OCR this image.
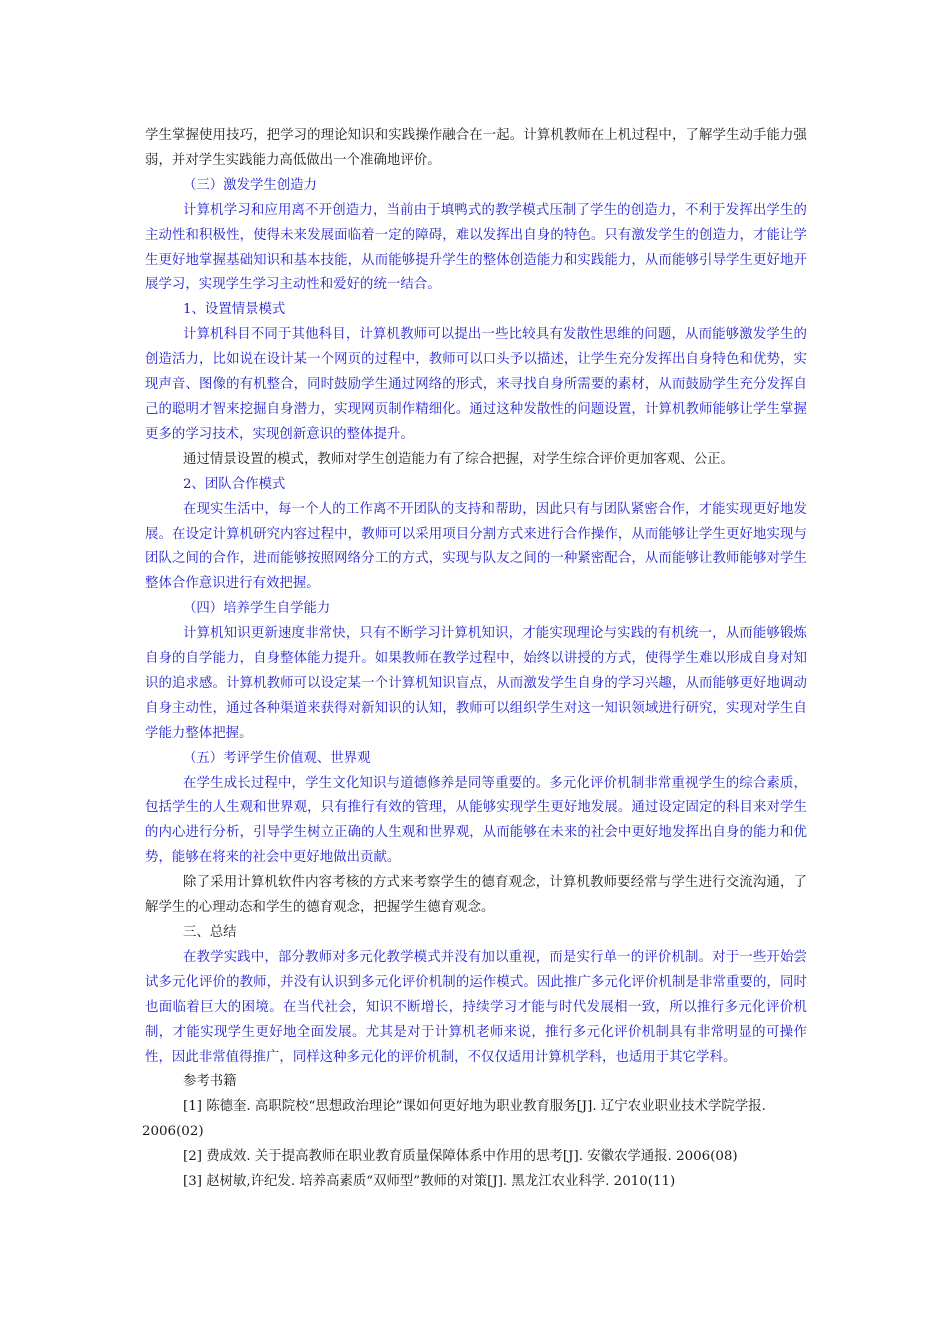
学生掌握使用技巧，把学习的理论知识和实践操作融合在一起。计算机教师在上机过程中，了解学生动手能力强弱，并对学生实践能力高低做出一个准确地评价。

（三）激发学生创造力

计算机学习和应用离不开创造力，当前由于填鸭式的教学模式压制了学生的创造力，不利于发挥出学生的主动性和积极性，使得未来发展面临着一定的障碍，难以发挥出自身的特色。只有激发学生的创造力，才能让学生更好地掌握基础知识和基本技能，从而能够提升学生的整体创造能力和实践能力，从而能够引导学生更好地开展学习，实现学生学习主动性和爱好的统一结合。

1、设置情景模式

计算机科目不同于其他科目，计算机教师可以提出一些比较具有发散性思维的问题，从而能够激发学生的创造活力，比如说在设计某一个网页的过程中，教师可以口头予以描述，让学生充分发挥出自身特色和优势，实现声音、图像的有机整合，同时鼓励学生通过网络的形式，来寻找自身所需要的素材，从而鼓励学生充分发挥自己的聪明才智来挖掘自身潜力，实现网页制作精细化。通过这种发散性的问题设置，计算机教师能够让学生掌握更多的学习技术，实现创新意识的整体提升。

通过情景设置的模式，教师对学生创造能力有了综合把握，对学生综合评价更加客观、公正。

2、团队合作模式

在现实生活中，每一个人的工作离不开团队的支持和帮助，因此只有与团队紧密合作，才能实现更好地发展。在设定计算机研究内容过程中，教师可以采用项目分割方式来进行合作操作，从而能够让学生更好地实现与团队之间的合作，进而能够按照网络分工的方式，实现与队友之间的一种紧密配合，从而能够让教师能够对学生整体合作意识进行有效把握。

（四）培养学生自学能力

计算机知识更新速度非常快，只有不断学习计算机知识，才能实现理论与实践的有机统一，从而能够锻炼自身的自学能力，自身整体能力提升。如果教师在教学过程中，始终以讲授的方式，使得学生难以形成自身对知识的追求感。计算机教师可以设定某一个计算机知识盲点，从而激发学生自身的学习兴趣，从而能够更好地调动自身主动性，通过各种渠道来获得对新知识的认知，教师可以组织学生对这一知识领域进行研究，实现对学生自学能力整体把握。

（五）考评学生价值观、世界观

在学生成长过程中，学生文化知识与道德修养是同等重要的。多元化评价机制非常重视学生的综合素质，包括学生的人生观和世界观，只有推行有效的管理，从能够实现学生更好地发展。通过设定固定的科目来对学生的内心进行分析，引导学生树立正确的人生观和世界观，从而能够在未来的社会中更好地发挥出自身的能力和优势，能够在将来的社会中更好地做出贡献。

除了采用计算机软件内容考核的方式来考察学生的德育观念，计算机教师要经常与学生进行交流沟通，了解学生的心理动态和学生的德育观念，把握学生德育观念。

三、总结

在教学实践中，部分教师对多元化教学模式并没有加以重视，而是实行单一的评价机制。对于一些开始尝试多元化评价的教师，并没有认识到多元化评价机制的运作模式。因此推广多元化评价机制是非常重要的，同时也面临着巨大的困境。在当代社会，知识不断增长，持续学习才能与时代发展相一致，所以推行多元化评价机制，才能实现学生更好地全面发展。尤其是对于计算机老师来说，推行多元化评价机制具有非常明显的可操作性，因此非常值得推广，同样这种多元化的评价机制，不仅仅适用计算机学科，也适用于其它学科。

参考书籍

[1] 陈德奎. 高职院校“思想政治理论”课如何更好地为职业教育服务[J]. 辽宁农业职业技术学院学报.

2006(02)

[2] 费成效. 关于提高教师在职业教育质量保障体系中作用的思考[J]. 安徽农学通报. 2006(08)

[3] 赵树敏,许纪发. 培养高素质“双师型”教师的对策[J]. 黑龙江农业科学. 2010(11)
